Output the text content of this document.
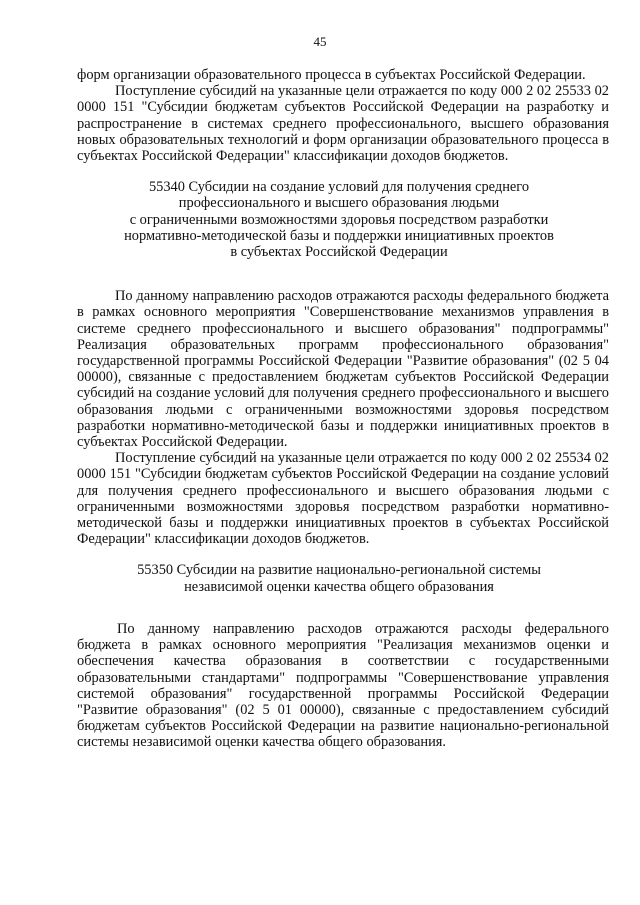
45

форм организации образовательного процесса в субъектах Российской Федерации.

Поступление субсидий на указанные цели отражается по коду 000 2 02 25533 02 0000 151 "Субсидии бюджетам субъектов Российской Федерации на разработку и распространение в системах среднего профессионального, высшего образования новых образовательных технологий и форм организации образовательного процесса в субъектах Российской Федерации" классификации доходов бюджетов.

55340 Субсидии на создание условий для получения среднего
профессионального и высшего образования людьми
с ограниченными возможностями здоровья посредством разработки
нормативно-методической базы и поддержки инициативных проектов
в субъектах Российской Федерации

По данному направлению расходов отражаются расходы федерального бюджета в рамках основного мероприятия "Совершенствование механизмов управления в системе среднего профессионального и высшего образования" подпрограммы" Реализация образовательных программ профессионального образования" государственной программы Российской Федерации "Развитие образования" (02 5 04 00000), связанные с предоставлением бюджетам субъектов Российской Федерации субсидий на создание условий для получения среднего профессионального и высшего образования людьми с ограниченными возможностями здоровья посредством разработки нормативно-методической базы и поддержки инициативных проектов в субъектах Российской Федерации.

Поступление субсидий на указанные цели отражается по коду 000 2 02 25534 02 0000 151 "Субсидии бюджетам субъектов Российской Федерации на создание условий для получения среднего профессионального и высшего образования людьми с ограниченными возможностями здоровья посредством разработки нормативно-методической базы и поддержки инициативных проектов в субъектах Российской Федерации" классификации доходов бюджетов.

55350 Субсидии на развитие национально-региональной системы
независимой оценки качества общего образования

По данному направлению расходов отражаются расходы федерального бюджета в рамках основного мероприятия "Реализация механизмов оценки и обеспечения качества образования в соответствии с государственными образовательными стандартами" подпрограммы "Совершенствование управления системой образования" государственной программы Российской Федерации "Развитие образования" (02 5 01 00000), связанные с предоставлением субсидий бюджетам субъектов Российской Федерации на развитие национально-региональной системы независимой оценки качества общего образования.
